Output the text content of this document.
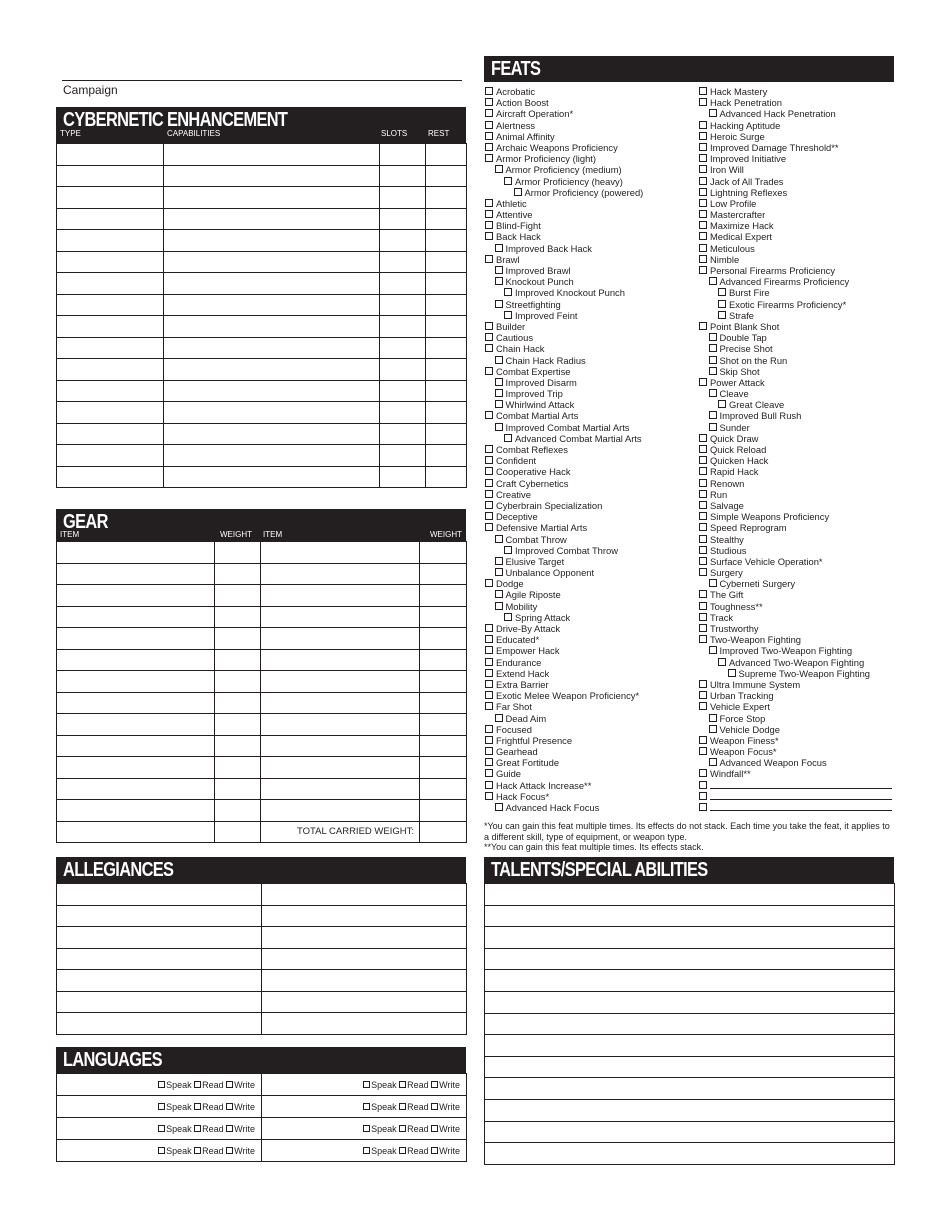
Campaign
CYBERNETIC ENHANCEMENT
TYPE	CAPABILITIES	SLOTS	REST

GEAR
ITEM	WEIGHT ITEM	WEIGHT

		TOTAL CARRIED WEIGHT:	
ALLEGIANCES

LANGUAGES
Speak Read Write	Speak Read Write
Speak Read Write	Speak Read Write
Speak Read Write	Speak Read Write
Speak Read Write	Speak Read Write
FEATS
Acrobatic
Action Boost
Aircraft Operation*
Alertness
Animal Affinity
Archaic Weapons Proficiency
Armor Proficiency (light)
Armor Proficiency (medium)
Armor Proficiency (heavy)
Armor Proficiency (powered)
Athletic
Attentive
Blind-Fight
Back Hack
Improved Back Hack
Brawl
Improved Brawl
Knockout Punch
Improved Knockout Punch
Streetfighting
Improved Feint
Builder
Cautious
Chain Hack
Chain Hack Radius
Combat Expertise
Improved Disarm
Improved Trip
Whirlwind Attack
Combat Martial Arts
Improved Combat Martial Arts
Advanced Combat Martial Arts
Combat Reflexes
Confident
Cooperative Hack
Craft Cybernetics
Creative
Cyberbrain Specialization
Deceptive
Defensive Martial Arts
Combat Throw
Improved Combat Throw
Elusive Target
Unbalance Opponent
Dodge
Agile Riposte
Mobility
Spring Attack
Drive-By Attack
Educated*
Empower Hack
Endurance
Extend Hack
Extra Barrier
Exotic Melee Weapon Proficiency*
Far Shot
Dead Aim
Focused
Frightful Presence
Gearhead
Great Fortitude
Guide
Hack Attack Increase**
Hack Focus*
Advanced Hack Focus
Hack Mastery
Hack Penetration
Advanced Hack Penetration
Hacking Aptitude
Heroic Surge
Improved Damage Threshold**
Improved Initiative
Iron Will
Jack of All Trades
Lightning Reflexes
Low Profile
Mastercrafter
Maximize Hack
Medical Expert
Meticulous
Nimble
Personal Firearms Proficiency
Advanced Firearms Proficiency
Burst Fire
Exotic Firearms Proficiency*
Strafe
Point Blank Shot
Double Tap
Precise Shot
Shot on the Run
Skip Shot
Power Attack
Cleave
Great Cleave
Improved Bull Rush
Sunder
Quick Draw
Quick Reload
Quicken Hack
Rapid Hack
Renown
Run
Salvage
Simple Weapons Proficiency
Speed Reprogram
Stealthy
Studious
Surface Vehicle Operation*
Surgery
Cyberneti Surgery
The Gift
Toughness**
Track
Trustworthy
Two-Weapon Fighting
Improved Two-Weapon Fighting
Advanced Two-Weapon Fighting
Supreme Two-Weapon Fighting
Ultra Immune System
Urban Tracking
Vehicle Expert
Force Stop
Vehicle Dodge
Weapon Finess*
Weapon Focus*
Advanced Weapon Focus
Windfall**
*You can gain this feat multiple times. Its effects do not stack. Each time you take the feat, it applies to a different skill, type of equipment, or weapon type.
**You can gain this feat multiple times. Its effects stack.
TALENTS/SPECIAL ABILITIES
